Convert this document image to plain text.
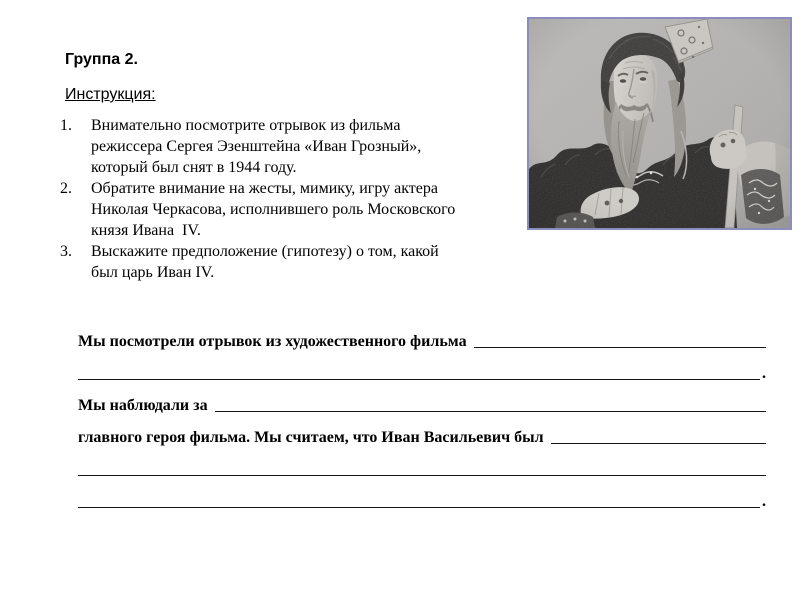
Группа 2.
Инструкция:
Внимательно посмотрите отрывок из фильма режиссера Сергея Эзенштейна «Иван Грозный», который был снят в 1944 году.
Обратите внимание на жесты, мимику, игру актера Николая Черкасова, исполнившего роль Московского князя Ивана  IV.
Выскажите предположение (гипотезу) о том, какой был царь Иван IV.
Мы посмотрели отрывок из художественного фильма
.
Мы наблюдали за
главного героя фильма. Мы считаем, что Иван Васильевич был
.
